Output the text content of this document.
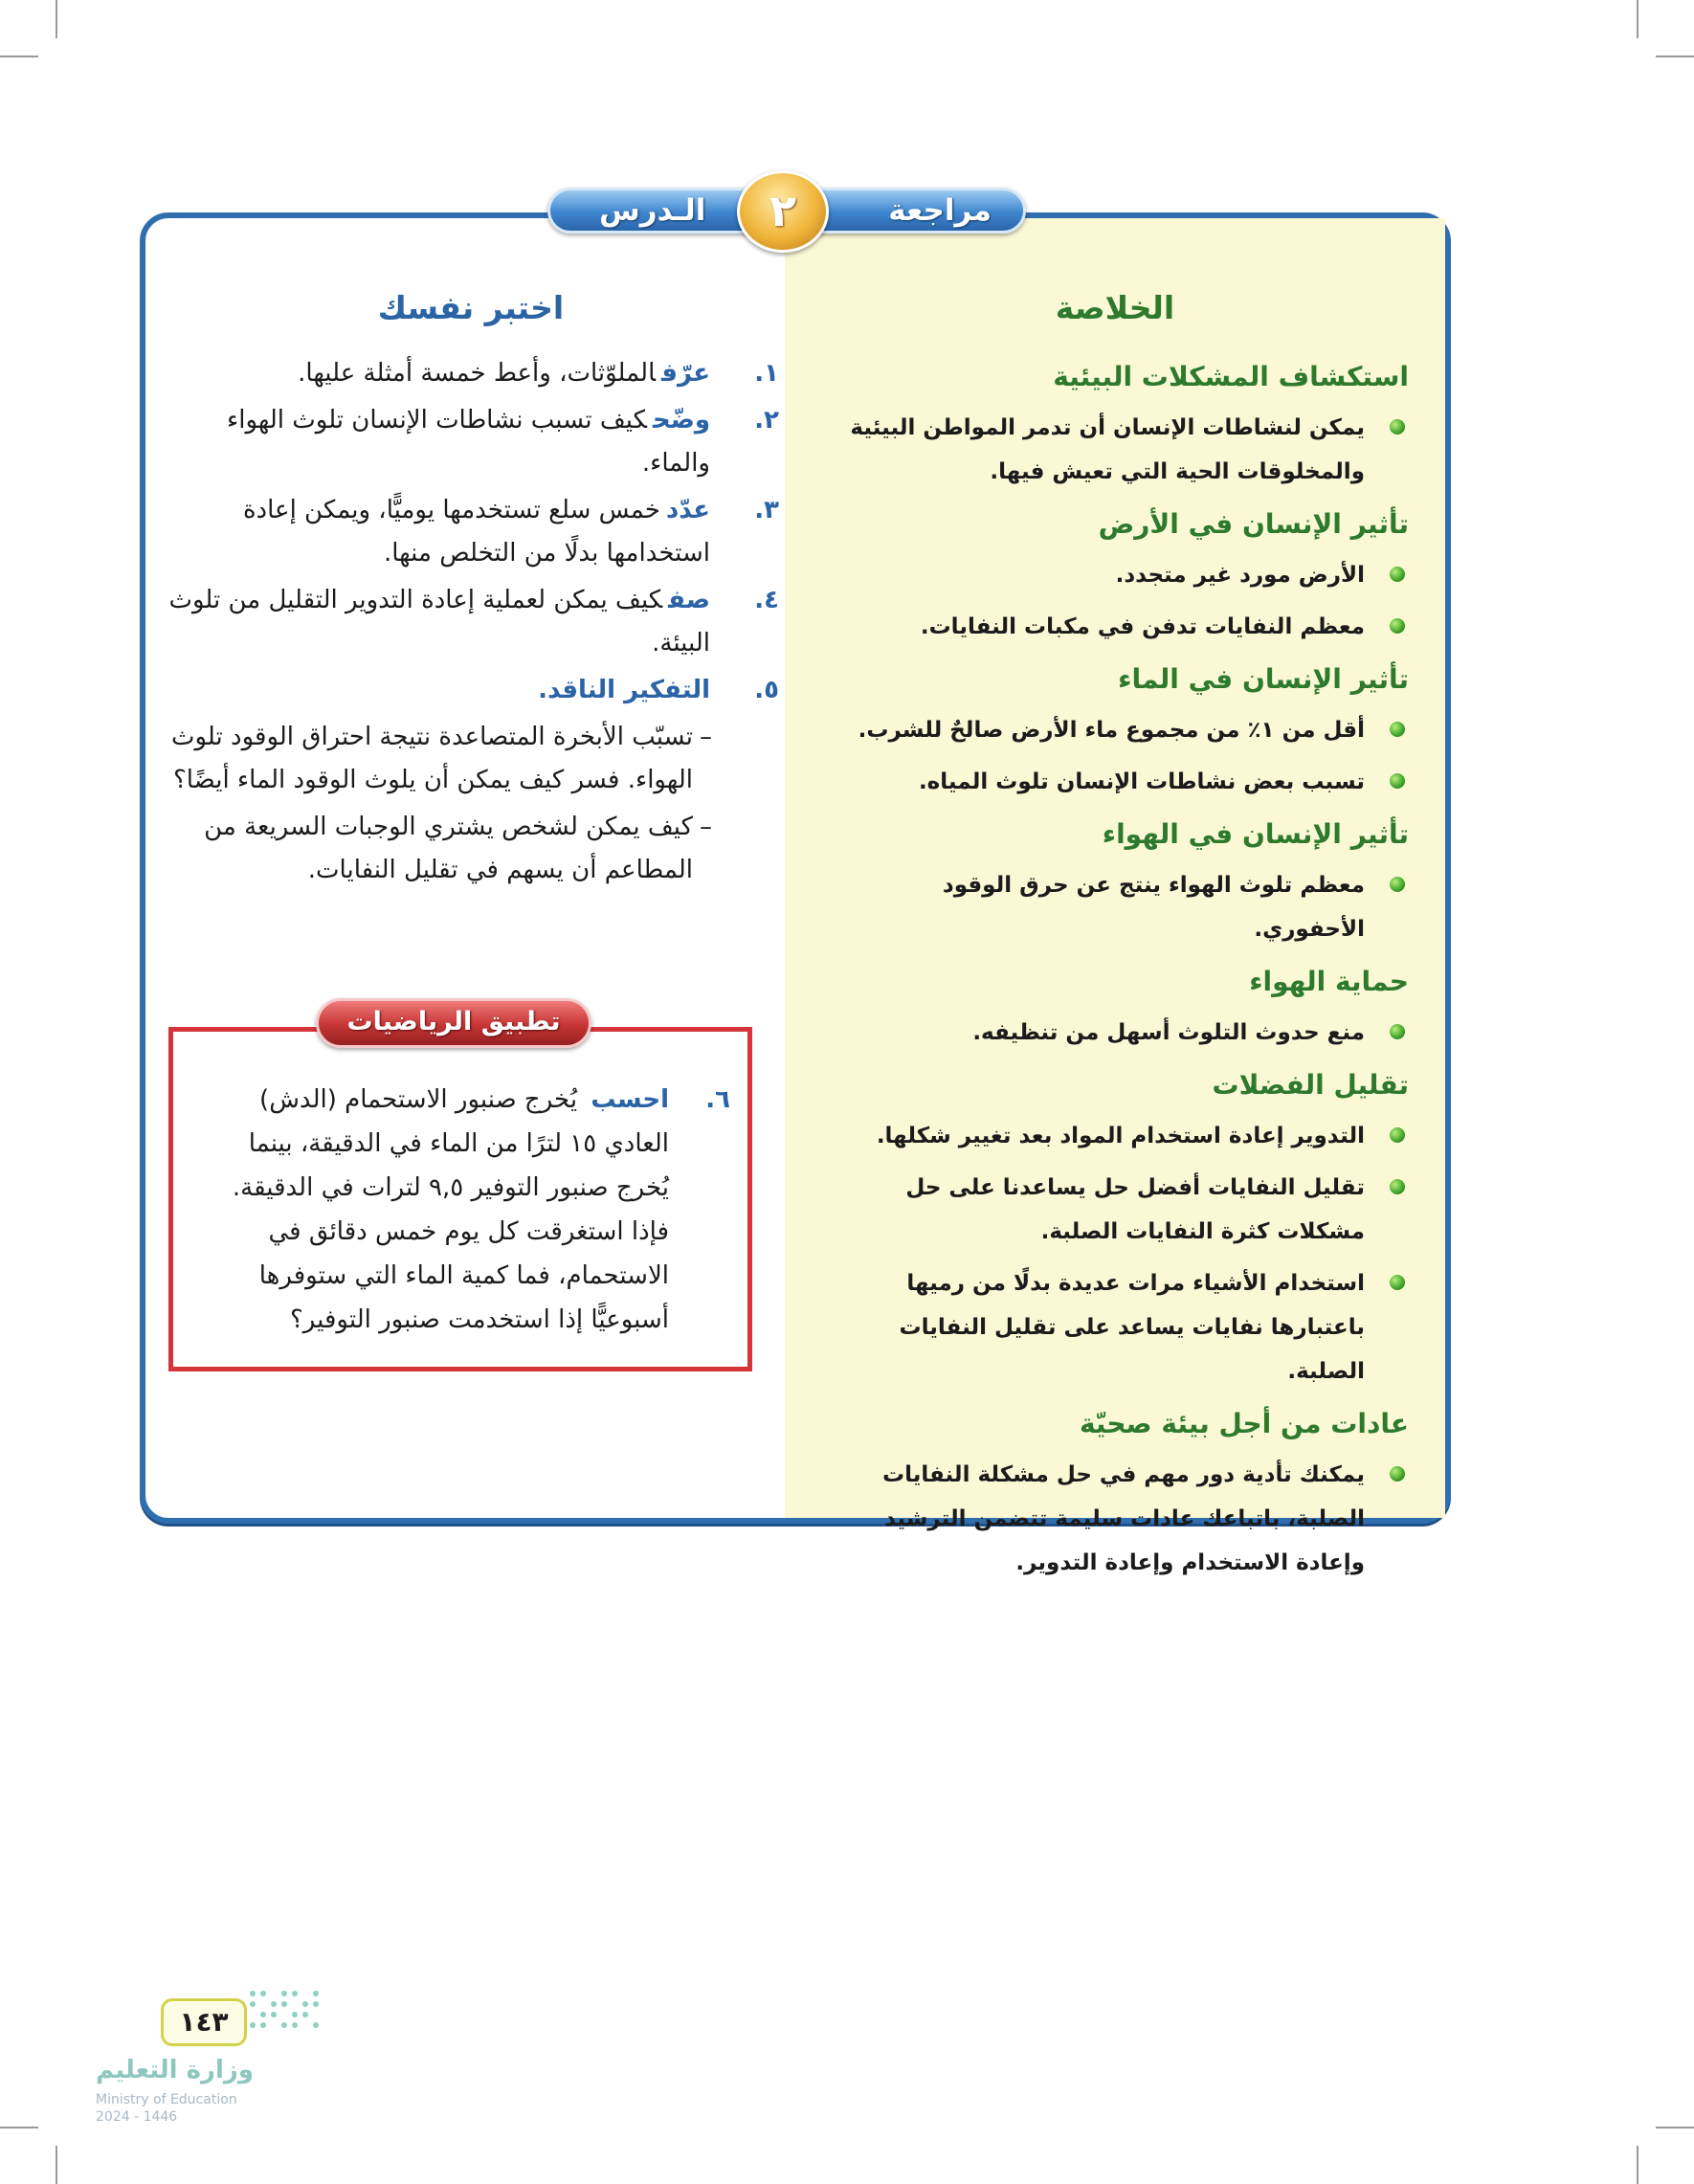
الخلاصة
استكشاف المشكلات البيئية
يمكن لنشاطات الإنسان أن تدمر المواطن البيئية والمخلوقات الحية التي تعيش فيها.
تأثير الإنسان في الأرض
الأرض مورد غير متجدد.
معظم النفايات تدفن في مكبات النفايات.
تأثير الإنسان في الماء
أقل من ١٪ من مجموع ماء الأرض صالحٌ للشرب.
تسبب بعض نشاطات الإنسان تلوث المياه.
تأثير الإنسان في الهواء
معظم تلوث الهواء ينتج عن حرق الوقود الأحفوري.
حماية الهواء
منع حدوث التلوث أسهل من تنظيفه.
تقليل الفضلات
التدوير إعادة استخدام المواد بعد تغيير شكلها.
تقليل النفايات أفضل حل يساعدنا على حل مشكلات كثرة النفايات الصلبة.
استخدام الأشياء مرات عديدة بدلًا من رميها باعتبارها نفايات يساعد على تقليل النفايات الصلبة.
عادات من أجل بيئة صحيّة
يمكنك تأدية دور مهم في حل مشكلة النفايات الصلبة، باتباعك عادات سليمة تتضمن الترشيد وإعادة الاستخدام وإعادة التدوير.
اختبر نفسك
١.
عرّفالملوّثات، وأعط خمسة أمثلة عليها.
٢.
وضّحكيف تسبب نشاطات الإنسان تلوث الهواء والماء.
٣.
عدّدخمس سلع تستخدمها يوميًّا، ويمكن إعادة استخدامها بدلًا من التخلص منها.
٤.
صفكيف يمكن لعملية إعادة التدوير التقليل من تلوث البيئة.
٥.
التفكير الناقد.
–
تسبّب الأبخرة المتصاعدة نتيجة احتراق الوقود تلوث الهواء. فسر كيف يمكن أن يلوث الوقود الماء أيضًا؟
–
كيف يمكن لشخص يشتري الوجبات السريعة من المطاعم أن يسهم في تقليل النفايات.
٦.
احسب يُخرج صنبور الاستحمام (الدش) العادي ١٥ لترًا من الماء في الدقيقة، بينما يُخرج صنبور التوفير ٩,٥ لترات في الدقيقة. فإذا استغرقت كل يوم خمس دقائق في الاستحمام، فما كمية الماء التي ستوفرها أسبوعيًّا إذا استخدمت صنبور التوفير؟
تطبيق الرياضيات
مراجعة
الـدرس	٢
وزارة التعليم
Ministry of Education
2024 - 1446
١٤٣
